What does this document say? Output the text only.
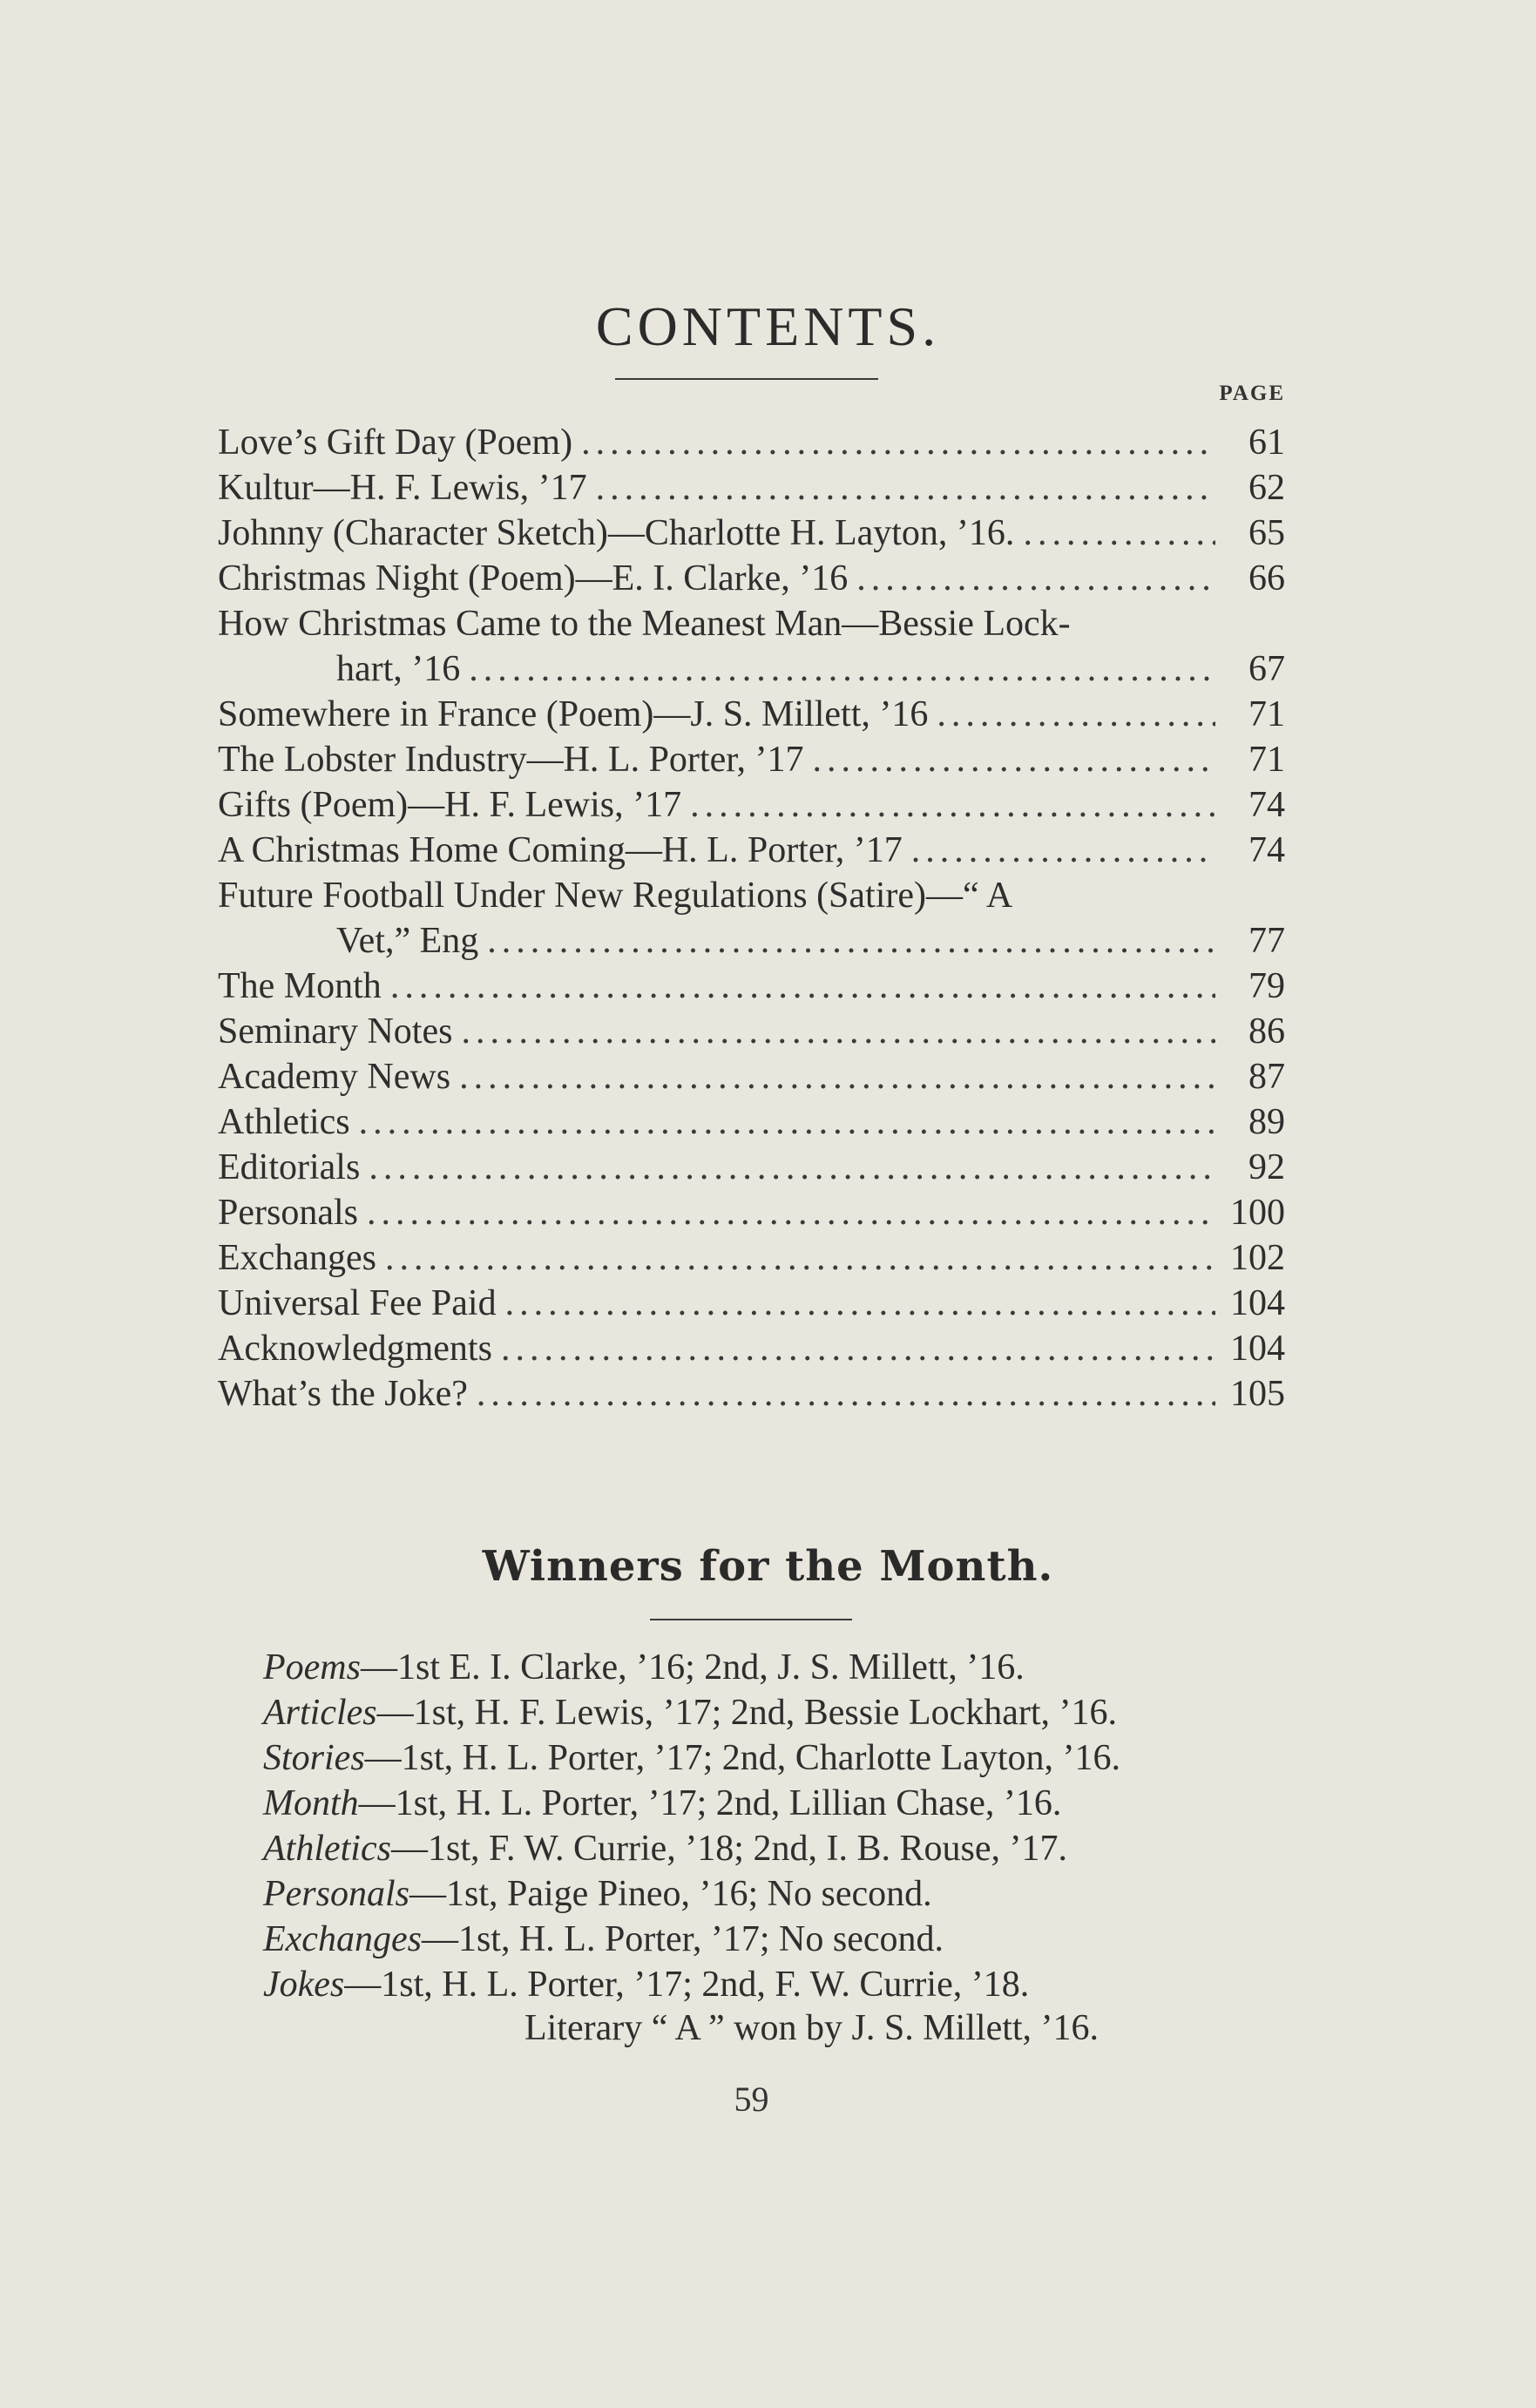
CONTENTS.
PAGE
Love’s Gift Day (Poem) .....	61
Kultur—H. F. Lewis, ’17 .....	62
Johnny (Character Sketch)—Charlotte H. Layton, ’16. .....	65
Christmas Night (Poem)—E. I. Clarke, ’16 .....	66
How Christmas Came to the Meanest Man—Bessie Lock-
hart, ’16 .....	67
Somewhere in France (Poem)—J. S. Millett, ’16 .....	71
The Lobster Industry—H. L. Porter, ’17 .....	71
Gifts (Poem)—H. F. Lewis, ’17 .....	74
A Christmas Home Coming—H. L. Porter, ’17 .....	74
Future Football Under New Regulations (Satire)—“ A
Vet,” Eng .....	77
The Month .....	79
Seminary Notes .....	86
Academy News .....	87
Athletics .....	89
Editorials .....	92
Personals .....	100
Exchanges .....	102
Universal Fee Paid .....	104
Acknowledgments .....	104
What’s the Joke? .....	105
Winners for the Month.
Poems—1st E. I. Clarke, ’16; 2nd, J. S. Millett, ’16.
Articles—1st, H. F. Lewis, ’17; 2nd, Bessie Lockhart, ’16.
Stories—1st, H. L. Porter, ’17; 2nd, Charlotte Layton, ’16.
Month—1st, H. L. Porter, ’17; 2nd, Lillian Chase, ’16.
Athletics—1st, F. W. Currie, ’18; 2nd, I. B. Rouse, ’17.
Personals—1st, Paige Pineo, ’16; No second.
Exchanges—1st, H. L. Porter, ’17; No second.
Jokes—1st, H. L. Porter, ’17; 2nd, F. W. Currie, ’18.
Literary “ A ” won by J. S. Millett, ’16.
59
